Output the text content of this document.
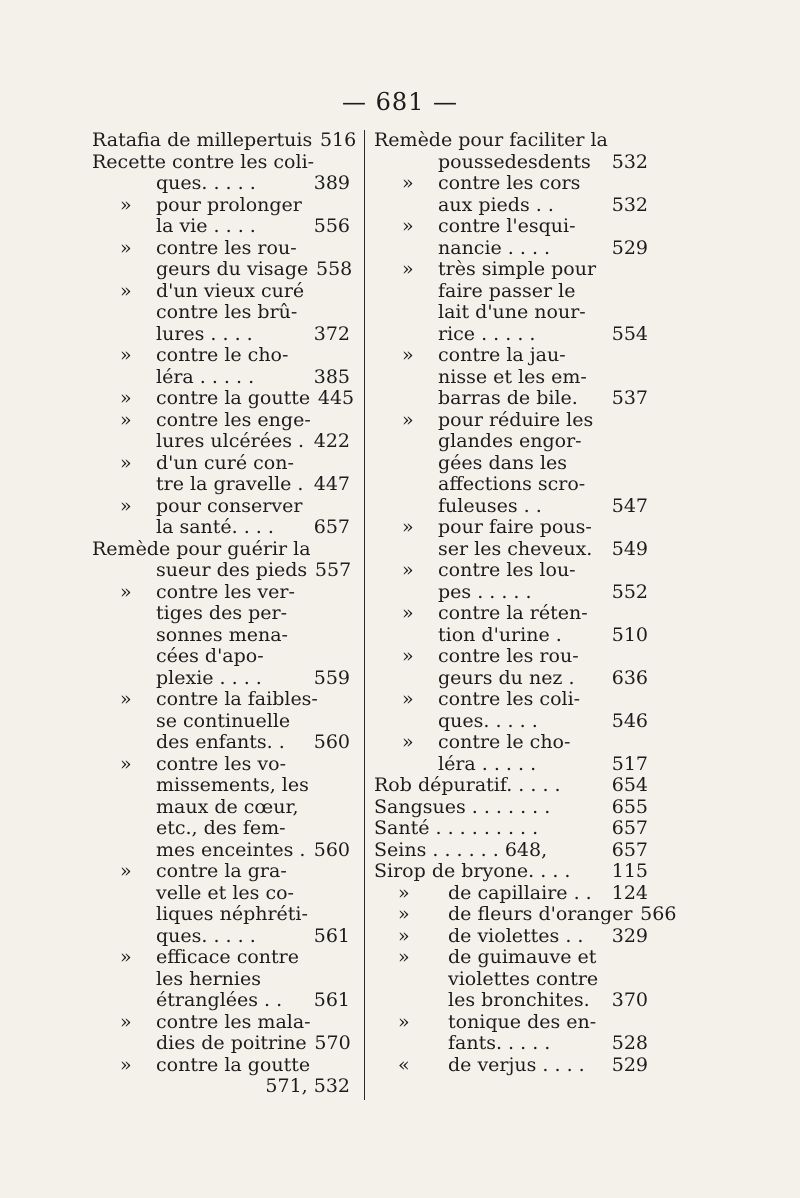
— 681 —
Ratafia de millepertuis 516
Recette contre les coli-
ques. . . . .	389
» pour prolonger
la vie . . . .	556
» contre les rou-
geurs du visage 558
» d'un vieux curé
contre les brû-
lures . . . .	372
» contre le cho-
léra . . . . .	385
» contre la goutte 445
» contre les enge-
lures ulcérées . 422
» d'un curé con-
tre la gravelle . 447
» pour conserver
la santé. . . .	657
Remède pour guérir la
sueur des pieds 557
» contre les ver-
tiges des per-
sonnes mena-
cées d'apo-
plexie . . . .	559
» contre la faibles-
se continuelle
des enfants. .	560
» contre les vo-
missements, les
maux de cœur,
etc., des fem-
mes enceintes . 560
» contre la gra-
velle et les co-
liques néphréti-
ques. . . . .	561
» efficace contre
les hernies
étranglées . .	561
» contre les mala-
dies de poitrine 570
» contre la goutte
571, 532
Remède pour faciliter la
poussedesdents	532
» contre les cors
aux pieds . .	532
» contre l'esqui-
nancie . . . .	529
» très simple pour
faire passer le
lait d'une nour-
rice . . . . .	554
» contre la jau-
nisse et les em-
barras de bile.	537
» pour réduire les
glandes engor-
gées dans les
affections scro-
fuleuses . .	547
» pour faire pous-
ser les cheveux.	549
» contre les lou-
pes . . . . .	552
» contre la réten-
tion d'urine .	510
» contre les rou-
geurs du nez .	636
» contre les coli-
ques. . . . .	546
» contre le cho-
léra . . . . .	517
Rob dépuratif. . . . .	654
Sangsues . . . . . . .	655
Santé . . . . . . . . .	657
Seins . . . . . . 648,	657
Sirop de bryone. . . .	115
» de capillaire . .	124
» de fleurs d'oranger 566
» de violettes . .	329
» de guimauve et
violettes contre
les bronchites.	370
» tonique des en-
fants. . . . .	528
« de verjus . . . .	529
